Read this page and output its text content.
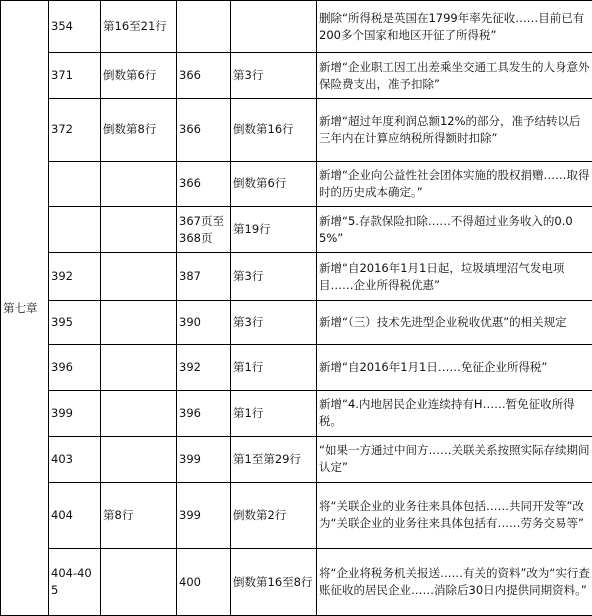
第七章	354	第16至21行			删除“所得税是英国在1799年率先征收……目前已有200多个国家和地区开征了所得税”
	371	倒数第6行	366	第3行	新增“企业职工因工出差乘坐交通工具发生的人身意外保险费支出，准予扣除”
	372	倒数第8行	366	倒数第16行	新增“超过年度利润总额12%的部分，准予结转以后三年内在计算应纳税所得额时扣除”
			366	倒数第6行	新增“企业向公益性社会团体实施的股权捐赠……取得时的历史成本确定。”
			367页至368页	第19行	新增“5.存款保险扣除……不得超过业务收入的0.05%”
	392		387	第3行	新增“自2016年1月1日起，垃圾填埋沼气发电项目……企业所得税优惠”
	395		390	第3行	新增“（三）技术先进型企业税收优惠”的相关规定
	396		392	第1行	新增“自2016年1月1日……免征企业所得税”
	399		396	第1行	新增“4.内地居民企业连续持有H……暂免征收所得税。
	403		399	第1至第29行	“如果一方通过中间方……关联关系按照实际存续期间认定”
	404	第8行	399	倒数第2行	将“关联企业的业务往来具体包括……共同开发等”改为“关联企业的业务往来具体包括有……劳务交易等”
	404-405		400	倒数第16至8行	将“企业将税务机关报送……有关的资料”改为“实行查账征收的居民企业……消除后30日内提供同期资料。”
